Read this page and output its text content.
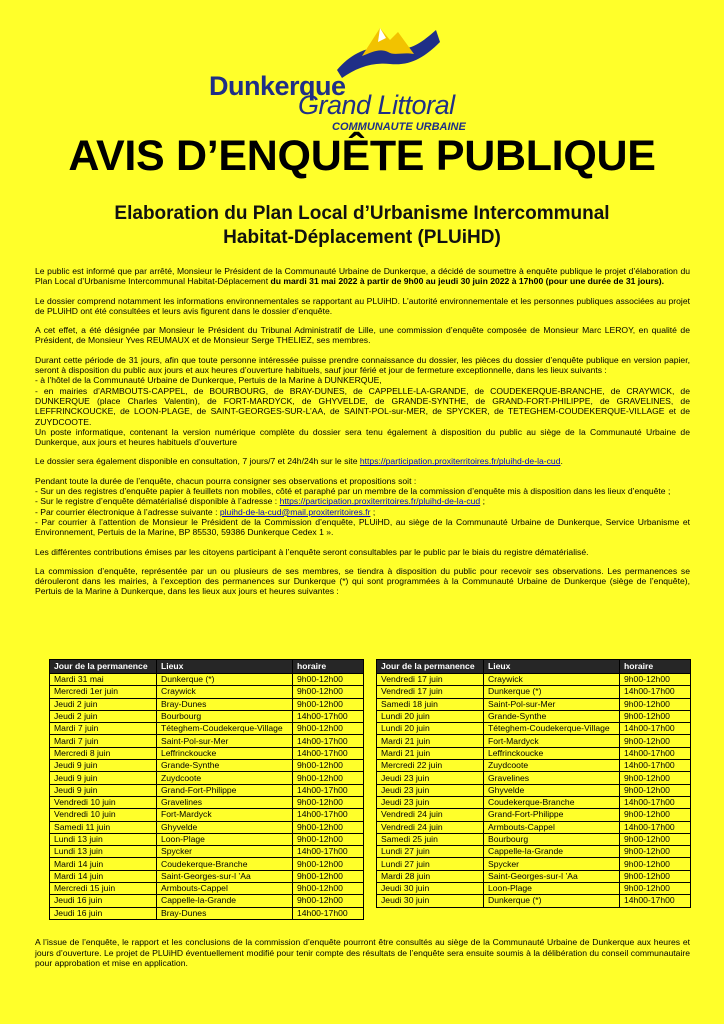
Dunkerque
Grand Littoral
COMMUNAUTE URBAINE
AVIS D’ENQUÊTE PUBLIQUE
Elaboration du Plan Local d’Urbanisme Intercommunal
Habitat-Déplacement (PLUiHD)

Le public est informé que par arrêté, Monsieur le Président de la Communauté Urbaine de Dunkerque, a décidé de soumettre à enquête publique le projet d’élaboration du Plan Local d’Urbanisme Intercommunal Habitat-Déplacement du mardi 31 mai 2022 à partir de 9h00 au jeudi 30 juin 2022 à 17h00 (pour une durée de 31 jours).

Le dossier comprend notamment les informations environnementales se rapportant au PLUiHD. L’autorité environnementale et les personnes publiques associées au projet de PLUiHD ont été consultées et leurs avis figurent dans le dossier d’enquête.

A cet effet, a été désignée par Monsieur le Président du Tribunal Administratif de Lille, une commission d’enquête composée de Monsieur Marc LEROY, en qualité de Président, de Monsieur Yves REUMAUX et de Monsieur Serge THELIEZ, ses membres.

Durant cette période de 31 jours, afin que toute personne intéressée puisse prendre connaissance du dossier, les pièces du dossier d’enquête publique en version papier, seront à disposition du public aux jours et aux heures d’ouverture habituels, sauf jour férié et jour de fermeture exceptionnelle, dans les lieux suivants :
- à l’hôtel de la Communauté Urbaine de Dunkerque, Pertuis de la Marine à DUNKERQUE,
- en mairies d’ARMBOUTS-CAPPEL, de BOURBOURG, de BRAY-DUNES, de CAPPELLE-LA-GRANDE, de COUDEKERQUE-BRANCHE, de CRAYWICK, de DUNKERQUE (place Charles Valentin), de FORT-MARDYCK, de GHYVELDE, de GRANDE-SYNTHE, de GRAND-FORT-PHILIPPE, de GRAVELINES, de LEFFRINCKOUCKE, de LOON-PLAGE, de SAINT-GEORGES-SUR-L’AA, de SAINT-POL-sur-MER, de SPYCKER, de TETEGHEM-COUDEKERQUE-VILLAGE et de ZUYDCOOTE.
Un poste informatique, contenant la version numérique complète du dossier sera tenu également à disposition du public au siège de la Communauté Urbaine de Dunkerque, aux jours et heures habituels d’ouverture

Le dossier sera également disponible en consultation, 7 jours/7 et 24h/24h sur le site https://participation.proxiterritoires.fr/pluihd-de-la-cud.

Pendant toute la durée de l’enquête, chacun pourra consigner ses observations et propositions soit :
- Sur un des registres d’enquête papier à feuillets non mobiles, côté et paraphé par un membre de la commission d’enquête mis à disposition dans les lieux d’enquête ;
- Sur le registre d’enquête dématérialisé disponible à l’adresse : https://participation.proxiterritoires.fr/pluihd-de-la-cud ;
- Par courrier électronique à l’adresse suivante : pluihd-de-la-cud@mail.proxiterritoires.fr ;
- Par courrier à l’attention de Monsieur le Président de la Commission d’enquête, PLUiHD, au siège de la Communauté Urbaine de Dunkerque, Service Urbanisme et Environnement, Pertuis de la Marine, BP 85530, 59386 Dunkerque Cedex 1 ».

Les différentes contributions émises par les citoyens participant à l’enquête seront consultables par le public par le biais du registre dématérialisé.

La commission d’enquête, représentée par un ou plusieurs de ses membres, se tiendra à disposition du public pour recevoir ses observations. Les permanences se dérouleront dans les mairies, à l’exception des permanences sur Dunkerque (*) qui sont programmées à la Communauté Urbaine de Dunkerque (siège de l’enquête), Pertuis de la Marine à Dunkerque, dans les lieux aux jours et heures suivantes :

Jour de la permanence	Lieux	horaire
Mardi 31 mai	Dunkerque (*)	9h00-12h00
Mercredi 1er juin	Craywick	9h00-12h00
Jeudi 2 juin	Bray-Dunes	9h00-12h00
Jeudi 2 juin	Bourbourg	14h00-17h00
Mardi 7 juin	Téteghem-Coudekerque-Village	9h00-12h00
Mardi 7 juin	Saint-Pol-sur-Mer	14h00-17h00
Mercredi 8 juin	Leffrinckoucke	14h00-17h00
Jeudi 9 juin	Grande-Synthe	9h00-12h00
Jeudi 9 juin	Zuydcoote	9h00-12h00
Jeudi 9 juin	Grand-Fort-Philippe	14h00-17h00
Vendredi 10 juin	Gravelines	9h00-12h00
Vendredi 10 juin	Fort-Mardyck	14h00-17h00
Samedi 11 juin	Ghyvelde	9h00-12h00
Lundi 13 juin	Loon-Plage	9h00-12h00
Lundi 13 juin	Spycker	14h00-17h00
Mardi 14 juin	Coudekerque-Branche	9h00-12h00
Mardi 14 juin	Saint-Georges-sur-l ’Aa	9h00-12h00
Mercredi 15 juin	Armbouts-Cappel	9h00-12h00
Jeudi 16 juin	Cappelle-la-Grande	9h00-12h00
Jeudi 16 juin	Bray-Dunes	14h00-17h00
Jour de la permanence	Lieux	horaire
Vendredi 17 juin	Craywick	9h00-12h00
Vendredi 17 juin	Dunkerque (*)	14h00-17h00
Samedi 18 juin	Saint-Pol-sur-Mer	9h00-12h00
Lundi 20 juin	Grande-Synthe	9h00-12h00
Lundi 20 juin	Téteghem-Coudekerque-Village	14h00-17h00
Mardi 21 juin	Fort-Mardyck	9h00-12h00
Mardi 21 juin	Leffrinckoucke	14h00-17h00
Mercredi 22 juin	Zuydcoote	14h00-17h00
Jeudi 23 juin	Gravelines	9h00-12h00
Jeudi 23 juin	Ghyvelde	9h00-12h00
Jeudi 23 juin	Coudekerque-Branche	14h00-17h00
Vendredi 24 juin	Grand-Fort-Philippe	9h00-12h00
Vendredi 24 juin	Armbouts-Cappel	14h00-17h00
Samedi 25 juin	Bourbourg	9h00-12h00
Lundi 27 juin	Cappelle-la-Grande	9h00-12h00
Lundi 27 juin	Spycker	9h00-12h00
Mardi 28 juin	Saint-Georges-sur-l ’Aa	9h00-12h00
Jeudi 30 juin	Loon-Plage	9h00-12h00
Jeudi 30 juin	Dunkerque (*)	14h00-17h00
A l’issue de l’enquête, le rapport et les conclusions de la commission d’enquête pourront être consultés au siège de la Communauté Urbaine de Dunkerque aux heures et jours d’ouverture. Le projet de PLUiHD éventuellement modifié pour tenir compte des résultats de l’enquête sera ensuite soumis à la délibération du conseil communautaire pour approbation et mise en application.
